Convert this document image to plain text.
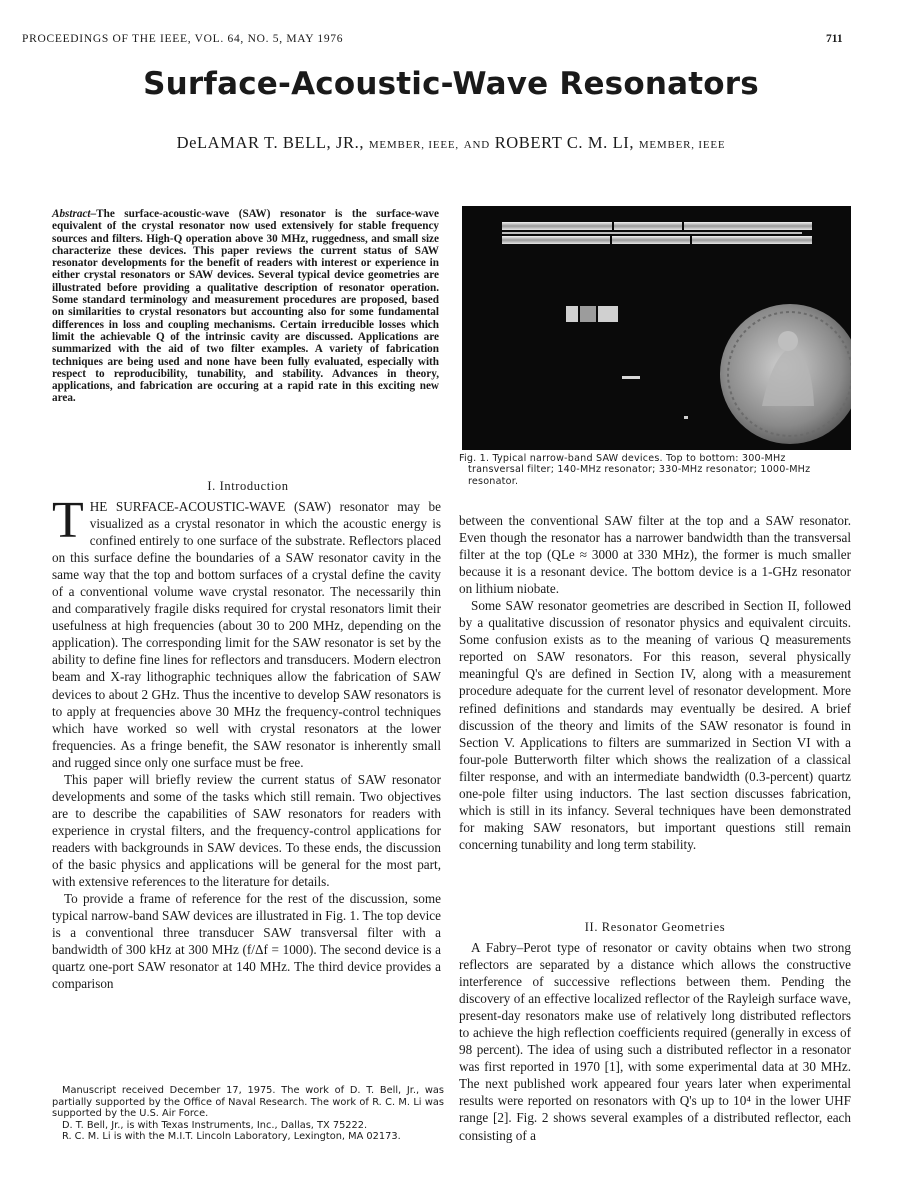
PROCEEDINGS OF THE IEEE, VOL. 64, NO. 5, MAY 1976	711
Surface-Acoustic-Wave Resonators
DeLAMAR T. BELL, JR., MEMBER, IEEE, AND ROBERT C. M. LI, MEMBER, IEEE
Abstract–The surface-acoustic-wave (SAW) resonator is the surface-wave equivalent of the crystal resonator now used extensively for stable frequency sources and filters. High-Q operation above 30 MHz, ruggedness, and small size characterize these devices. This paper reviews the current status of SAW resonator developments for the benefit of readers with interest or experience in either crystal resonators or SAW devices. Several typical device geometries are illustrated before providing a qualitative description of resonator operation. Some standard terminology and measurement procedures are proposed, based on similarities to crystal resonators but accounting also for some fundamental differences in loss and coupling mechanisms. Certain irreducible losses which limit the achievable Q of the intrinsic cavity are discussed. Applications are summarized with the aid of two filter examples. A variety of fabrication techniques are being used and none have been fully evaluated, especially with respect to reproducibility, tunability, and stability. Advances in theory, applications, and fabrication are occuring at a rapid rate in this exciting new area.
Fig. 1. Typical narrow-band SAW devices. Top to bottom: 300-MHz
transversal filter; 140-MHz resonator; 330-MHz resonator; 1000-MHz resonator.
I. Introduction

THE SURFACE-ACOUSTIC-WAVE (SAW) resonator may be visualized as a crystal resonator in which the acoustic energy is confined entirely to one surface of the substrate. Reflectors placed on this surface define the boundaries of a SAW resonator cavity in the same way that the top and bottom surfaces of a crystal define the cavity of a conventional volume wave crystal resonator. The necessarily thin and comparatively fragile disks required for crystal resonators limit their usefulness at high frequencies (about 30 to 200 MHz, depending on the application). The corresponding limit for the SAW resonator is set by the ability to define fine lines for reflectors and transducers. Modern electron beam and X-ray lithographic techniques allow the fabrication of SAW devices to about 2 GHz. Thus the incentive to develop SAW resonators is to apply at frequencies above 30 MHz the frequency-control techniques which have worked so well with crystal resonators at the lower frequencies. As a fringe benefit, the SAW resonator is inherently small and rugged since only one surface must be free.

This paper will briefly review the current status of SAW resonator developments and some of the tasks which still remain. Two objectives are to describe the capabilities of SAW resonators for readers with experience in crystal filters, and the frequency-control applications for readers with backgrounds in SAW devices. To these ends, the discussion of the basic physics and applications will be general for the most part, with extensive references to the literature for details.

To provide a frame of reference for the rest of the discussion, some typical narrow-band SAW devices are illustrated in Fig. 1. The top device is a conventional three transducer SAW transversal filter with a bandwidth of 300 kHz at 300 MHz (f/Δf = 1000). The second device is a quartz one-port SAW resonator at 140 MHz. The third device provides a comparison

Manuscript received December 17, 1975. The work of D. T. Bell, Jr., was partially supported by the Office of Naval Research. The work of R. C. M. Li was supported by the U.S. Air Force.

D. T. Bell, Jr., is with Texas Instruments, Inc., Dallas, TX 75222.

R. C. M. Li is with the M.I.T. Lincoln Laboratory, Lexington, MA 02173.

between the conventional SAW filter at the top and a SAW resonator. Even though the resonator has a narrower bandwidth than the transversal filter at the top (QLe ≈ 3000 at 330 MHz), the former is much smaller because it is a resonant device. The bottom device is a 1-GHz resonator on lithium niobate.

Some SAW resonator geometries are described in Section II, followed by a qualitative discussion of resonator physics and equivalent circuits. Some confusion exists as to the meaning of various Q measurements reported on SAW resonators. For this reason, several physically meaningful Q's are defined in Section IV, along with a measurement procedure adequate for the current level of resonator development. More refined definitions and standards may eventually be desired. A brief discussion of the theory and limits of the SAW resonator is found in Section V. Applications to filters are summarized in Section VI with a four-pole Butterworth filter which shows the realization of a classical filter response, and with an intermediate bandwidth (0.3-percent) quartz one-pole filter using inductors. The last section discusses fabrication, which is still in its infancy. Several techniques have been demonstrated for making SAW resonators, but important questions still remain concerning tunability and long term stability.

II. Resonator Geometries

A Fabry–Perot type of resonator or cavity obtains when two strong reflectors are separated by a distance which allows the constructive interference of successive reflections between them. Pending the discovery of an effective localized reflector of the Rayleigh surface wave, present-day resonators make use of relatively long distributed reflectors to achieve the high reflection coefficients required (generally in excess of 98 percent). The idea of using such a distributed reflector in a resonator was first reported in 1970 [1], with some experimental data at 30 MHz. The next published work appeared four years later when experimental results were reported on resonators with Q's up to 10⁴ in the lower UHF range [2]. Fig. 2 shows several examples of a distributed reflector, each consisting of a
